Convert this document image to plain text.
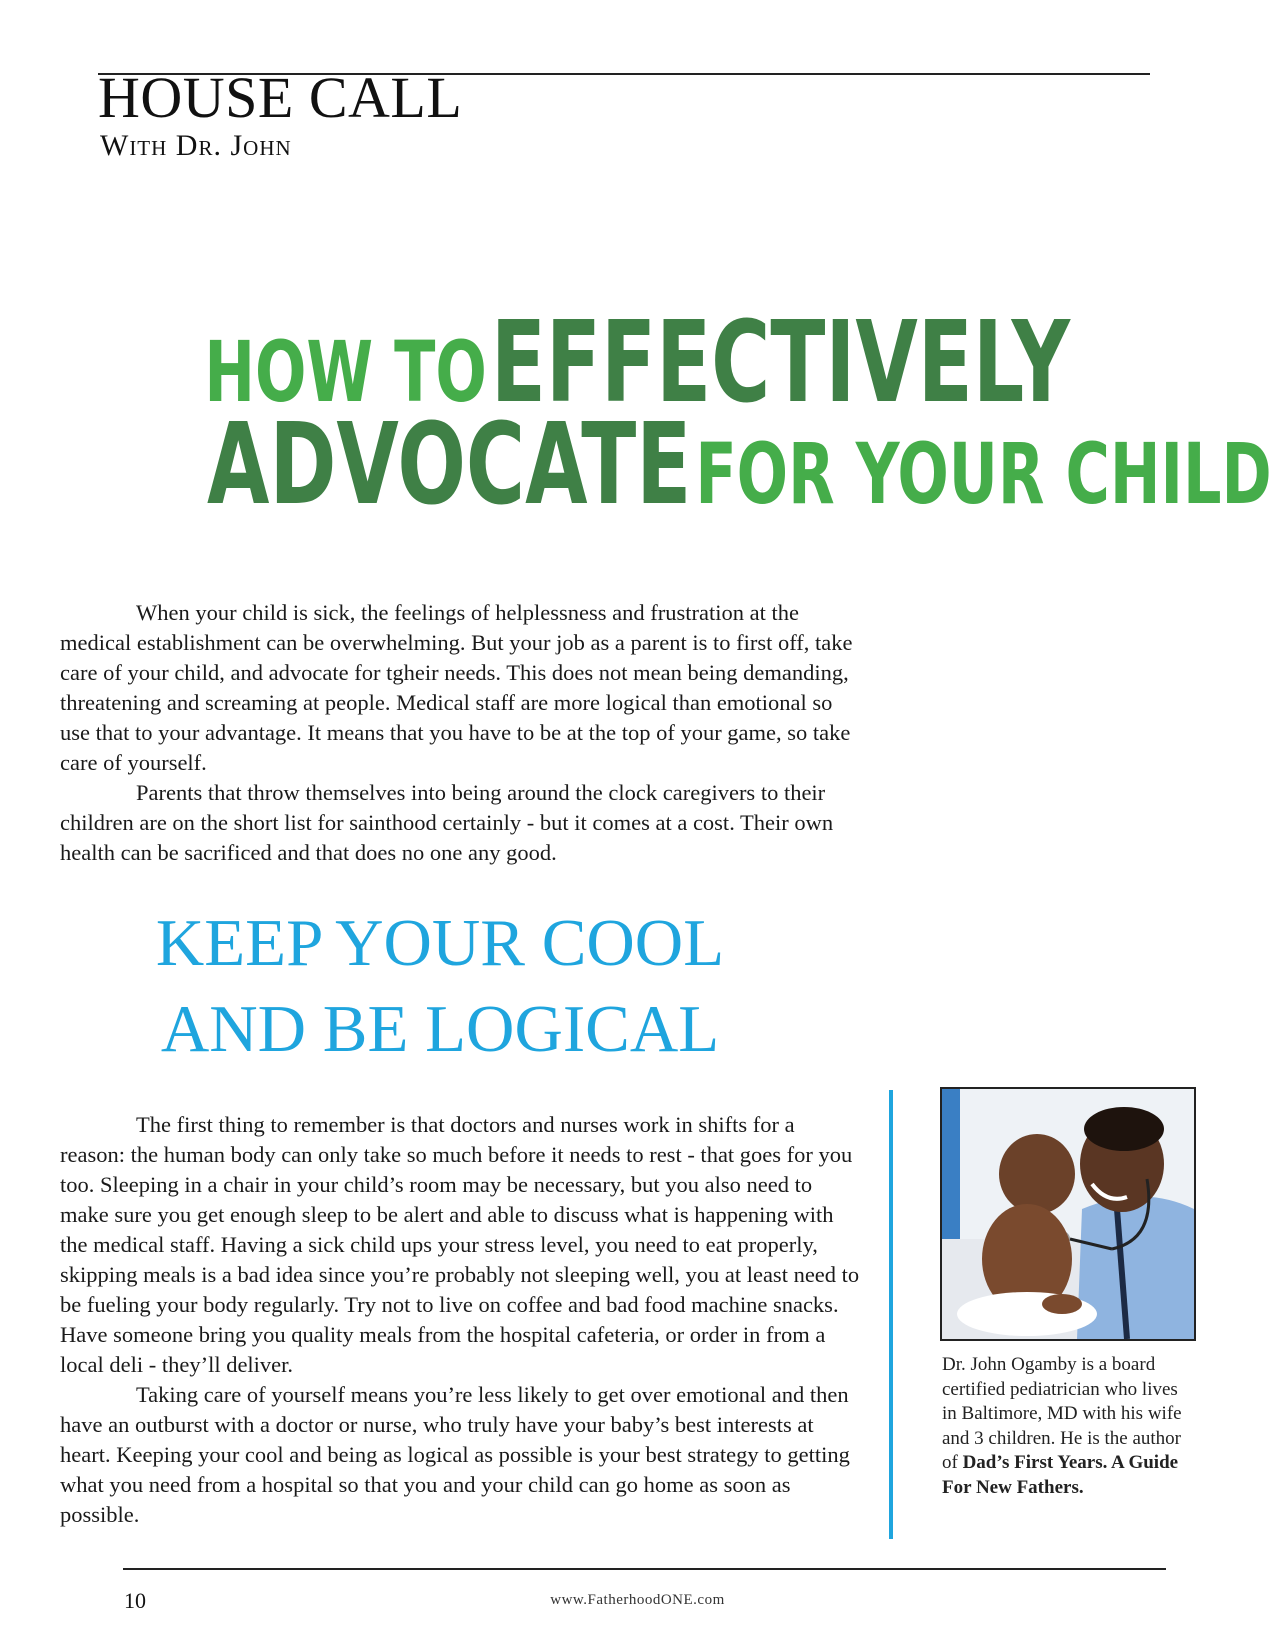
HOUSE CALL
With Dr. John
HOW TO EFFECTIVELY
ADVOCATE FOR YOUR CHILD

When your child is sick, the feelings of helplessness and frustration at the medical establishment can be overwhelming. But your job as a parent is to first off, take care of your child, and advocate for tgheir needs. This does not mean being demanding, threatening and screaming at people. Medical staff are more logical than emotional so use that to your advantage. It means that you have to be at the top of your game, so take care of yourself.

Parents that throw themselves into being around the clock caregivers to their children are on the short list for sainthood certainly - but it comes at a cost. Their own health can be sacrificed and that does no one any good.

KEEP YOUR COOL
AND BE LOGICAL

The first thing to remember is that doctors and nurses work in shifts for a reason: the human body can only take so much before it needs to rest - that goes for you too. Sleeping in a chair in your child’s room may be necessary, but you also need to make sure you get enough sleep to be alert and able to discuss what is happening with the medical staff. Having a sick child ups your stress level, you need to eat properly, skipping meals is a bad idea since you’re probably not sleeping well, you at least need to be fueling your body regularly. Try not to live on coffee and bad food machine snacks. Have someone bring you quality meals from the hospital cafeteria, or order in from a local deli - they’ll deliver.

Taking care of yourself means you’re less likely to get over emotional and then have an outburst with a doctor or nurse, who truly have your baby’s best interests at heart. Keeping your cool and being as logical as possible is your best strategy to getting what you need from a hospital so that you and your child can go home as soon as possible.

Dr. John Ogamby is a board certified pediatrician who lives in Baltimore, MD with his wife and 3 children. He is the author of Dad’s First Years. A Guide For New Fathers.
10	www.FatherhoodONE.com
